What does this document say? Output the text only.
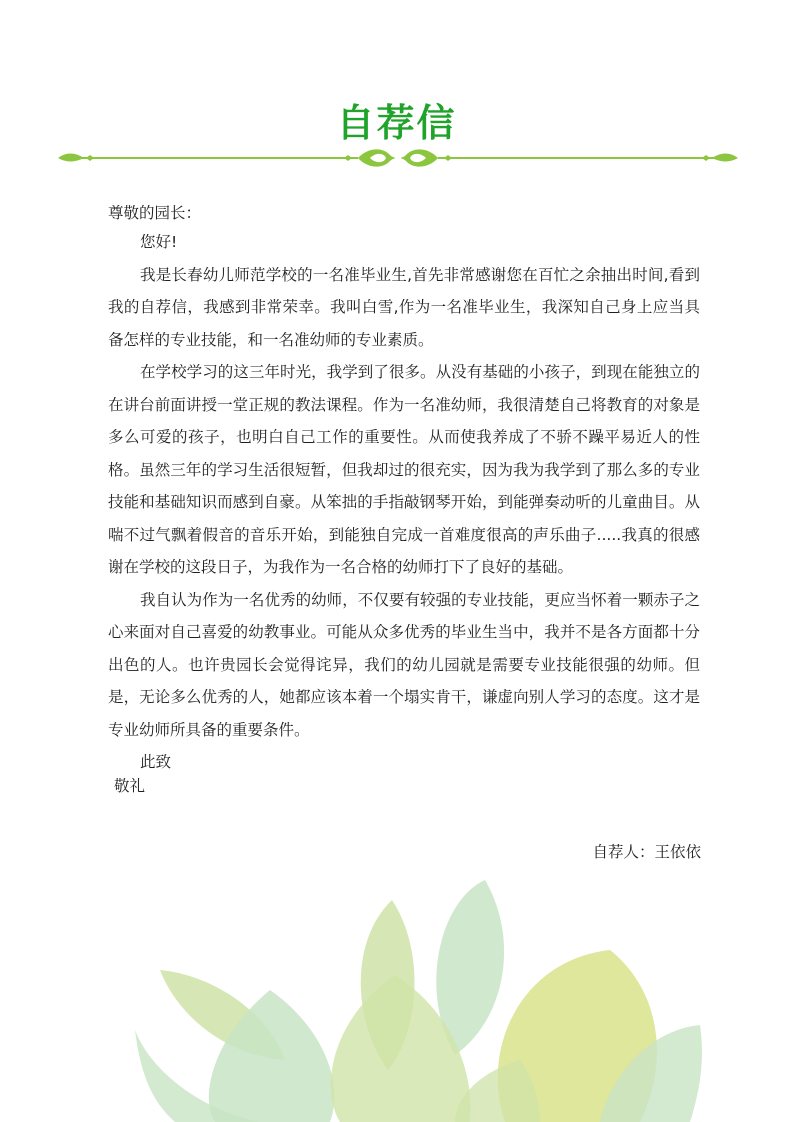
自荐信
尊敬的园长：

您好!

我是长春幼儿师范学校的一名准毕业生,首先非常感谢您在百忙之余抽出时间,看到我的自荐信，我感到非常荣幸。我叫白雪,作为一名准毕业生，我深知自己身上应当具备怎样的专业技能，和一名准幼师的专业素质。

在学校学习的这三年时光，我学到了很多。从没有基础的小孩子，到现在能独立的在讲台前面讲授一堂正规的教法课程。作为一名准幼师，我很清楚自己将教育的对象是多么可爱的孩子，也明白自己工作的重要性。从而使我养成了不骄不躁平易近人的性格。虽然三年的学习生活很短暂，但我却过的很充实，因为我为我学到了那么多的专业技能和基础知识而感到自豪。从笨拙的手指敲钢琴开始，到能弹奏动听的儿童曲目。从喘不过气飘着假音的音乐开始，到能独自完成一首难度很高的声乐曲子.....我真的很感谢在学校的这段日子，为我作为一名合格的幼师打下了良好的基础。

我自认为作为一名优秀的幼师，不仅要有较强的专业技能，更应当怀着一颗赤子之心来面对自己喜爱的幼教事业。可能从众多优秀的毕业生当中，我并不是各方面都十分出色的人。也许贵园长会觉得诧异，我们的幼儿园就是需要专业技能很强的幼师。但是，无论多么优秀的人，她都应该本着一个塌实肯干，谦虚向别人学习的态度。这才是专业幼师所具备的重要条件。

此致

敬礼
自荐人：王依依
